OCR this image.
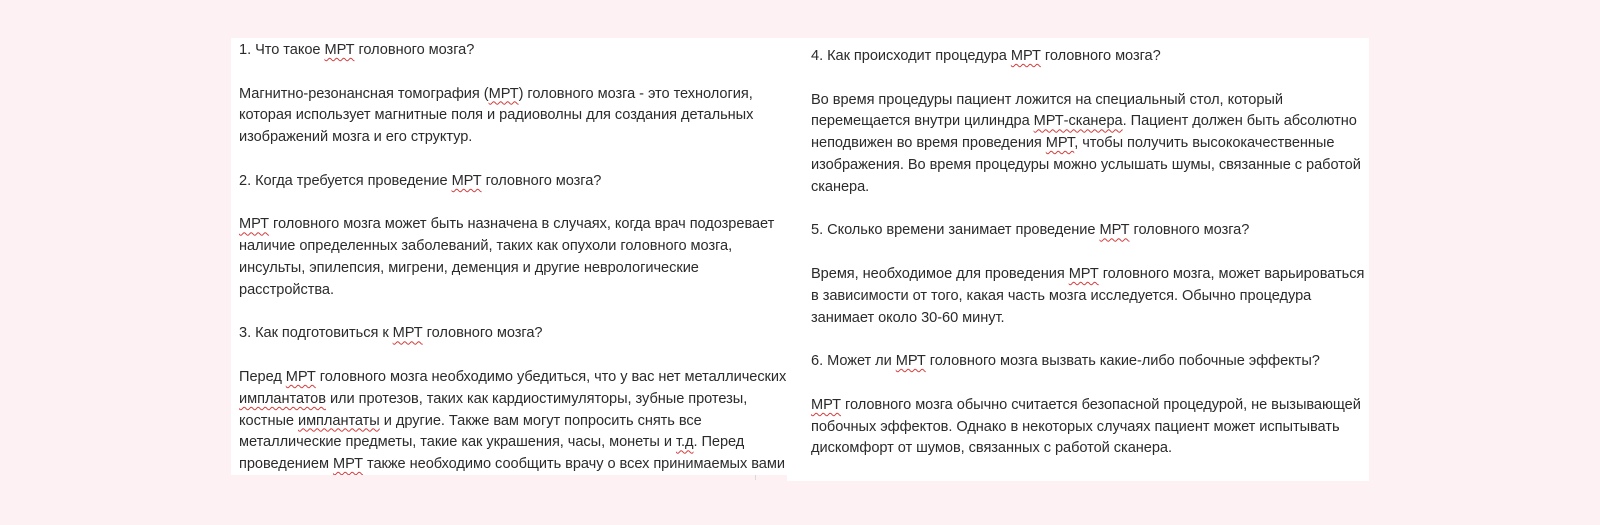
1. Что такое МРТ головного мозга?

Магнитно-резонансная томография (МРТ) головного мозга - это технология, которая использует магнитные поля и радиоволны для создания детальных изображений мозга и его структур.

2. Когда требуется проведение МРТ головного мозга?

МРТ головного мозга может быть назначена в случаях, когда врач подозревает наличие определенных заболеваний, таких как опухоли головного мозга, инсульты, эпилепсия, мигрени, деменция и другие неврологические расстройства.

3. Как подготовиться к МРТ головного мозга?

Перед МРТ головного мозга необходимо убедиться, что у вас нет металлических имплантатов или протезов, таких как кардиостимуляторы, зубные протезы, костные имплантаты и другие. Также вам могут попросить снять все металлические предметы, такие как украшения, часы, монеты и т.д. Перед проведением МРТ также необходимо сообщить врачу о всех принимаемых вами

4. Как происходит процедура МРТ головного мозга?

Во время процедуры пациент ложится на специальный стол, который перемещается внутри цилиндра МРТ-сканера. Пациент должен быть абсолютно неподвижен во время проведения МРТ, чтобы получить высококачественные изображения. Во время процедуры можно услышать шумы, связанные с работой сканера.

5. Сколько времени занимает проведение МРТ головного мозга?

Время, необходимое для проведения МРТ головного мозга, может варьироваться в зависимости от того, какая часть мозга исследуется. Обычно процедура занимает около 30-60 минут.

6. Может ли МРТ головного мозга вызвать какие-либо побочные эффекты?

МРТ головного мозга обычно считается безопасной процедурой, не вызывающей побочных эффектов. Однако в некоторых случаях пациент может испытывать дискомфорт от шумов, связанных с работой сканера.
